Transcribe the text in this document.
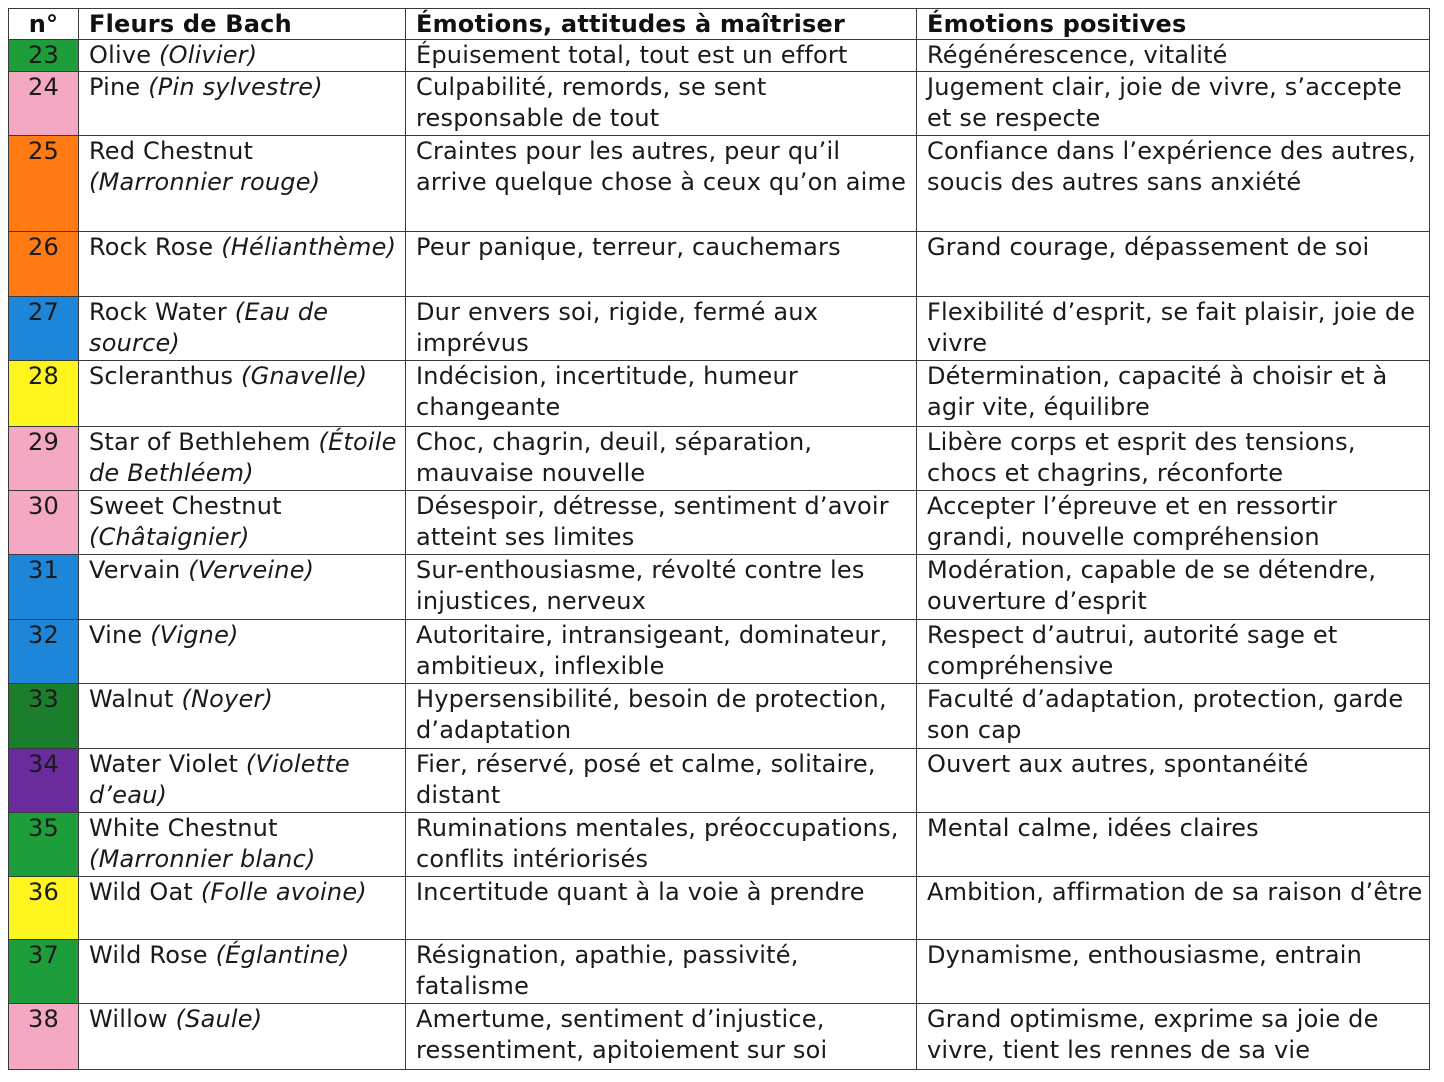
n°	Fleurs de Bach	Émotions, attitudes à maîtriser	Émotions positives
23	Olive (Olivier)	Épuisement total, tout est un effort	Régénérescence, vitalité
24	Pine (Pin sylvestre)	Culpabilité, remords, se sent responsable de tout	Jugement clair, joie de vivre, s’accepte et se respecte
25	Red Chestnut (Marronnier rouge)	Craintes pour les autres, peur qu’il arrive quelque chose à ceux qu’on aime	Confiance dans l’expérience des autres, soucis des autres sans anxiété
26	Rock Rose (Hélianthème)	Peur panique, terreur, cauchemars	Grand courage, dépassement de soi
27	Rock Water (Eau de source)	Dur envers soi, rigide, fermé aux imprévus	Flexibilité d’esprit, se fait plaisir, joie de vivre
28	Scleranthus (Gnavelle)	Indécision, incertitude, humeur changeante	Détermination, capacité à choisir et à agir vite, équilibre
29	Star of Bethlehem (Étoile de Bethléem)	Choc, chagrin, deuil, séparation, mauvaise nouvelle	Libère corps et esprit des tensions, chocs et chagrins, réconforte
30	Sweet Chestnut (Châtaignier)	Désespoir, détresse, sentiment d’avoir atteint ses limites	Accepter l’épreuve et en ressortir grandi, nouvelle compréhension
31	Vervain (Verveine)	Sur-enthousiasme, révolté contre les injustices, nerveux	Modération, capable de se détendre, ouverture d’esprit
32	Vine (Vigne)	Autoritaire, intransigeant, dominateur, ambitieux, inflexible	Respect d’autrui, autorité sage et compréhensive
33	Walnut (Noyer)	Hypersensibilité, besoin de protection, d’adaptation	Faculté d’adaptation, protection, garde son cap
34	Water Violet (Violette d’eau)	Fier, réservé, posé et calme, solitaire, distant	Ouvert aux autres, spontanéité
35	White Chestnut (Marronnier blanc)	Ruminations mentales, préoccupations, conflits intériorisés	Mental calme, idées claires
36	Wild Oat (Folle avoine)	Incertitude quant à la voie à prendre	Ambition, affirmation de sa raison d’être
37	Wild Rose (Églantine)	Résignation, apathie, passivité, fatalisme	Dynamisme, enthousiasme, entrain
38	Willow (Saule)	Amertume, sentiment d’injustice, ressentiment, apitoiement sur soi	Grand optimisme, exprime sa joie de vivre, tient les rennes de sa vie
